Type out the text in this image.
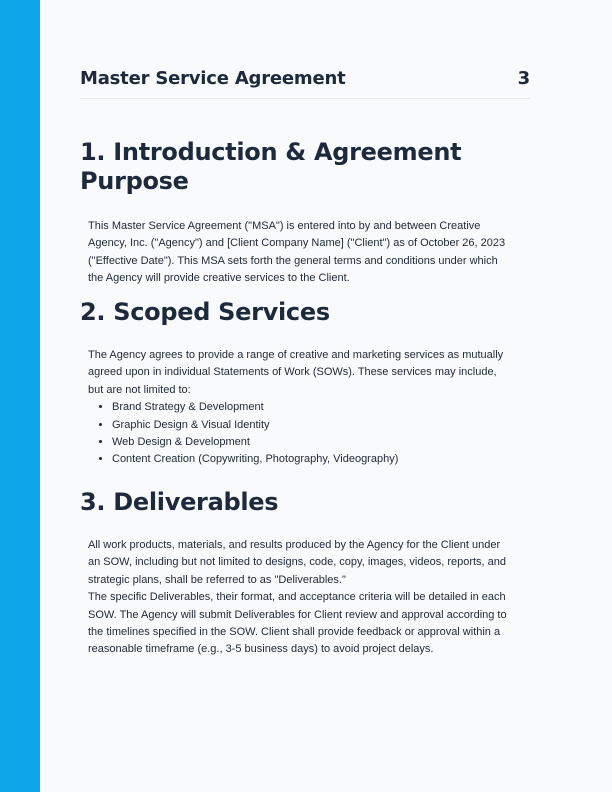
Master Service Agreement	3
1. Introduction & Agreement Purpose

This Master Service Agreement ("MSA") is entered into by and between Creative Agency, Inc. ("Agency") and [Client Company Name] ("Client") as of October 26, 2023 ("Effective Date"). This MSA sets forth the general terms and conditions under which the Agency will provide creative services to the Client.

2. Scoped Services

The Agency agrees to provide a range of creative and marketing services as mutually agreed upon in individual Statements of Work (SOWs). These services may include, but are not limited to:

• Brand Strategy & Development
• Graphic Design & Visual Identity
• Web Design & Development
• Content Creation (Copywriting, Photography, Videography)
3. Deliverables

All work products, materials, and results produced by the Agency for the Client under an SOW, including but not limited to designs, code, copy, images, videos, reports, and strategic plans, shall be referred to as "Deliverables."

The specific Deliverables, their format, and acceptance criteria will be detailed in each SOW. The Agency will submit Deliverables for Client review and approval according to the timelines specified in the SOW. Client shall provide feedback or approval within a reasonable timeframe (e.g., 3-5 business days) to avoid project delays.
